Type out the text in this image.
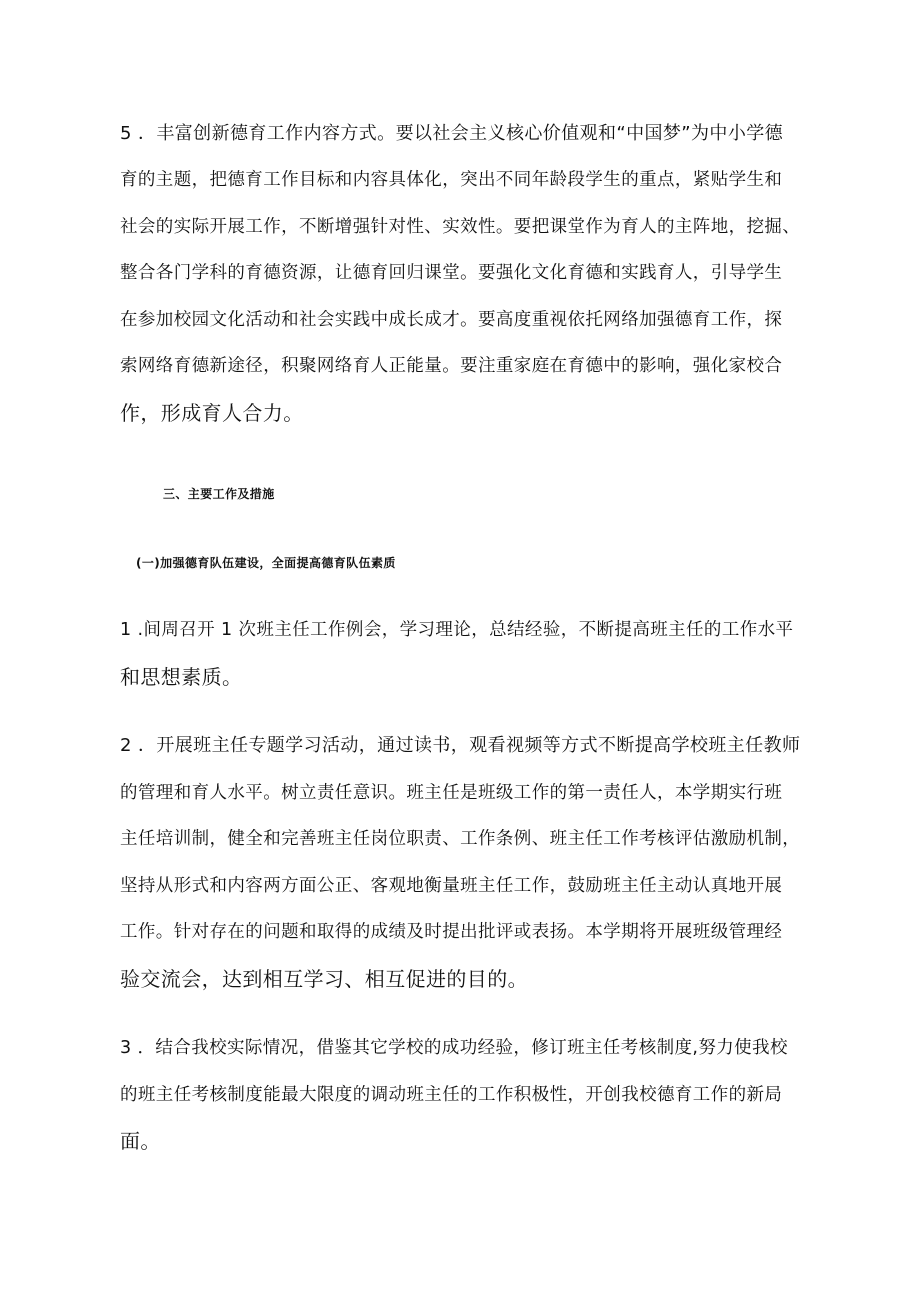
5 ．丰富创新德育工作内容方式。要以社会主义核心价值观和“中国梦”为中小学德
育的主题，把德育工作目标和内容具体化，突出不同年龄段学生的重点，紧贴学生和
社会的实际开展工作，不断增强针对性、实效性。要把课堂作为育人的主阵地，挖掘、
整合各门学科的育德资源，让德育回归课堂。要强化文化育德和实践育人，引导学生
在参加校园文化活动和社会实践中成长成才。要高度重视依托网络加强德育工作，探
索网络育德新途径，积聚网络育人正能量。要注重家庭在育德中的影响，强化家校合
作，形成育人合力。
三、主要工作及措施
(一)加强德育队伍建设，全面提高德育队伍素质
1 .间周召开 1 次班主任工作例会，学习理论，总结经验，不断提高班主任的工作水平
和思想素质。
2 ．开展班主任专题学习活动，通过读书，观看视频等方式不断提高学校班主任教师
的管理和育人水平。树立责任意识。班主任是班级工作的第一责任人，本学期实行班
主任培训制，健全和完善班主任岗位职责、工作条例、班主任工作考核评估激励机制，
坚持从形式和内容两方面公正、客观地衡量班主任工作，鼓励班主任主动认真地开展
工作。针对存在的问题和取得的成绩及时提出批评或表扬。本学期将开展班级管理经
验交流会，达到相互学习、相互促进的目的。
3 ．结合我校实际情况，借鉴其它学校的成功经验，修订班主任考核制度,努力使我校
的班主任考核制度能最大限度的调动班主任的工作积极性，开创我校德育工作的新局
面。
